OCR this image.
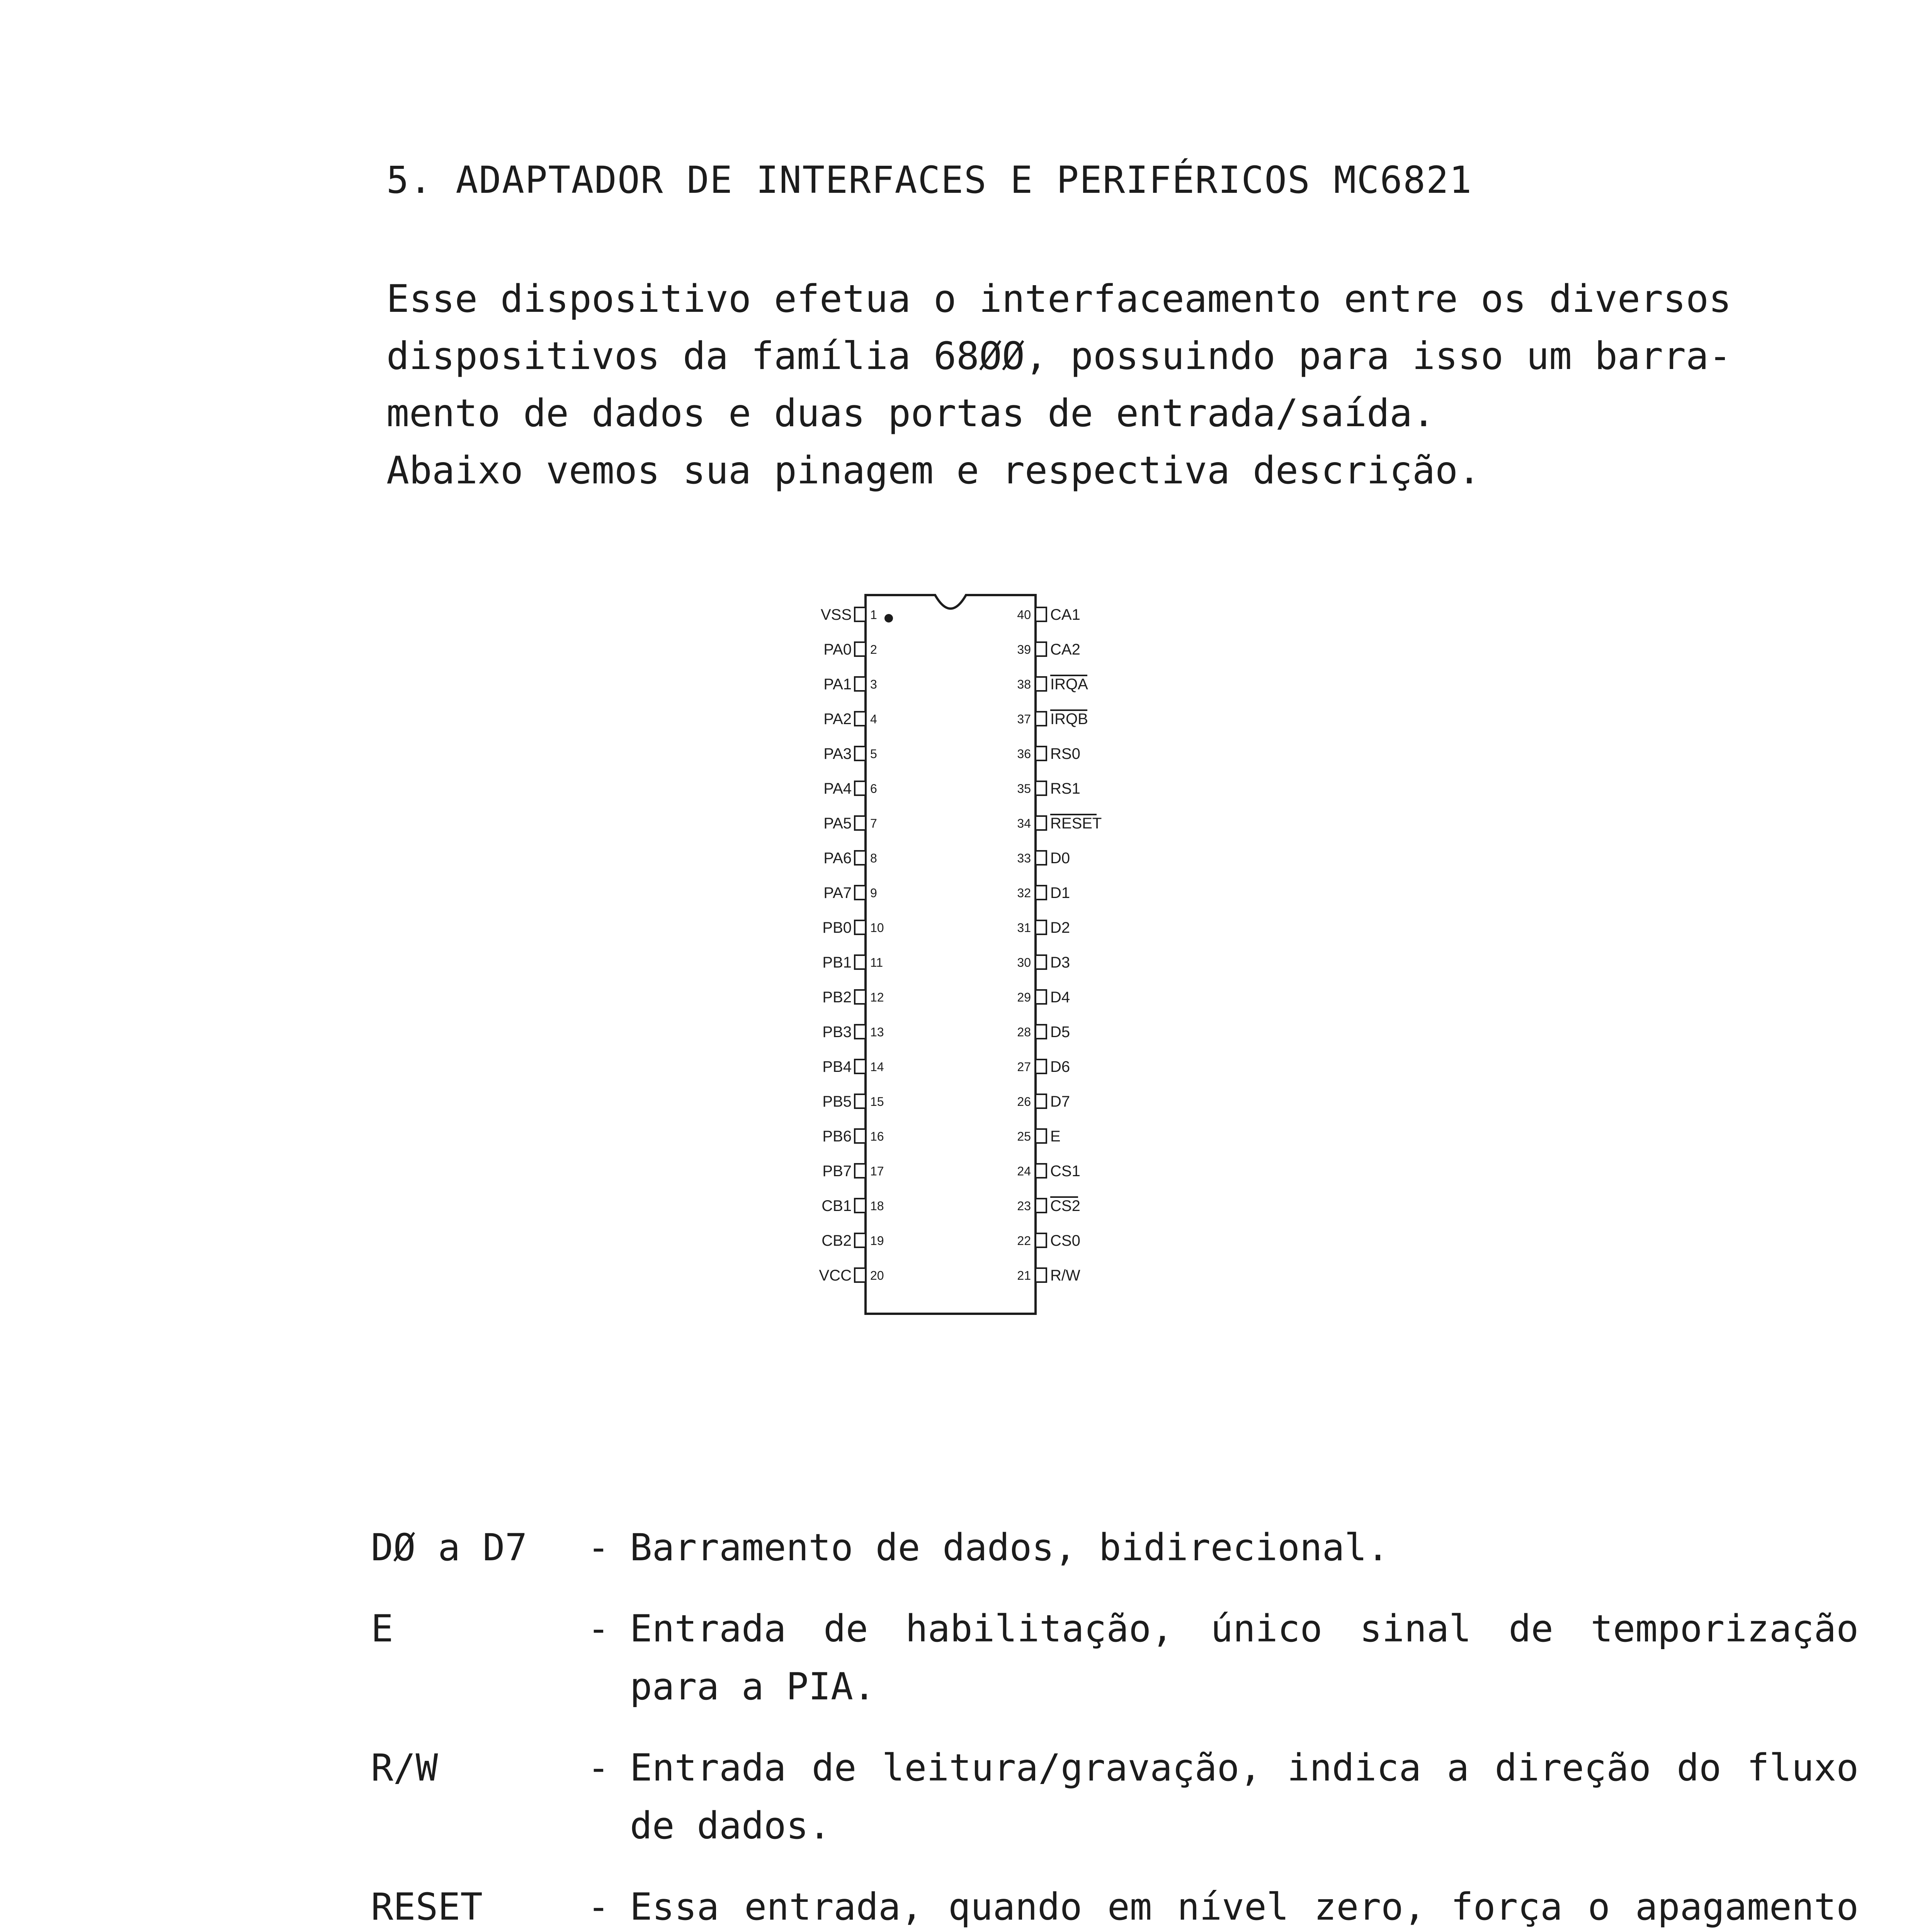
5. ADAPTADOR DE INTERFACES E PERIFÉRICOS MC6821
Esse dispositivo efetua o interfaceamento entre os diversos
dispositivos da família 68ØØ, possuindo para isso um barra-
mento de dados e duas portas de entrada/saída.
Abaixo vemos sua pinagem e respectiva descrição.
VSS 1
PA0 2
PA1 3
PA2 4
PA3 5
PA4 6
PA5 7
PA6 8
PA7 9
PB0 10
PB1 11
PB2 12
PB3 13
PB4 14
PB5 15
PB6 16
PB7 17
CB1 18
CB2 19
VCC 20
CA1
40
CA2
39
IRQA
38
IRQB
37
RS0
36
RS1
35
RESET
34
D0
33
D1
32
D2
31
D3
30
D4
29
D5
28
D6
27
D7
26
E
25
CS1
24
CS2
23
CS0
22
R/W
21
DØ a D7	- Barramento de dados, bidirecional.
E	- Entrada de habilitação, único sinal de temporização para a PIA.
R/W	- Entrada de leitura/gravação, indica a direção do fluxo de dados.
RESET	- Essa entrada, quando em nível zero, força o apagamento
